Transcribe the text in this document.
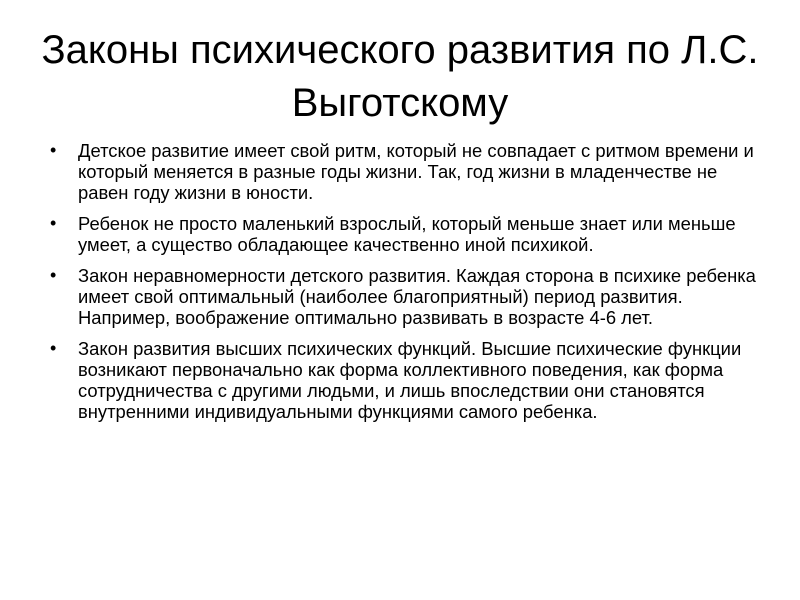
Законы психического развития по Л.С. Выготскому
• Детское развитие имеет свой ритм, который не совпадает с ритмом времени и который меняется в разные годы жизни. Так, год жизни в младенчестве не равен году жизни в юности.
• Ребенок не просто маленький взрослый, который меньше знает или меньше умеет, а существо обладающее качественно иной психикой.
• Закон неравномерности детского развития. Каждая сторона в психике ребенка имеет свой оптимальный (наиболее благоприятный) период развития. Например, воображение оптимально развивать в возрасте 4-6 лет.
• Закон развития высших психических функций. Высшие психические функции возникают первоначально как форма коллективного поведения, как форма сотрудничества с другими людьми, и лишь впоследствии они становятся внутренними индивидуальными функциями самого ребенка.
